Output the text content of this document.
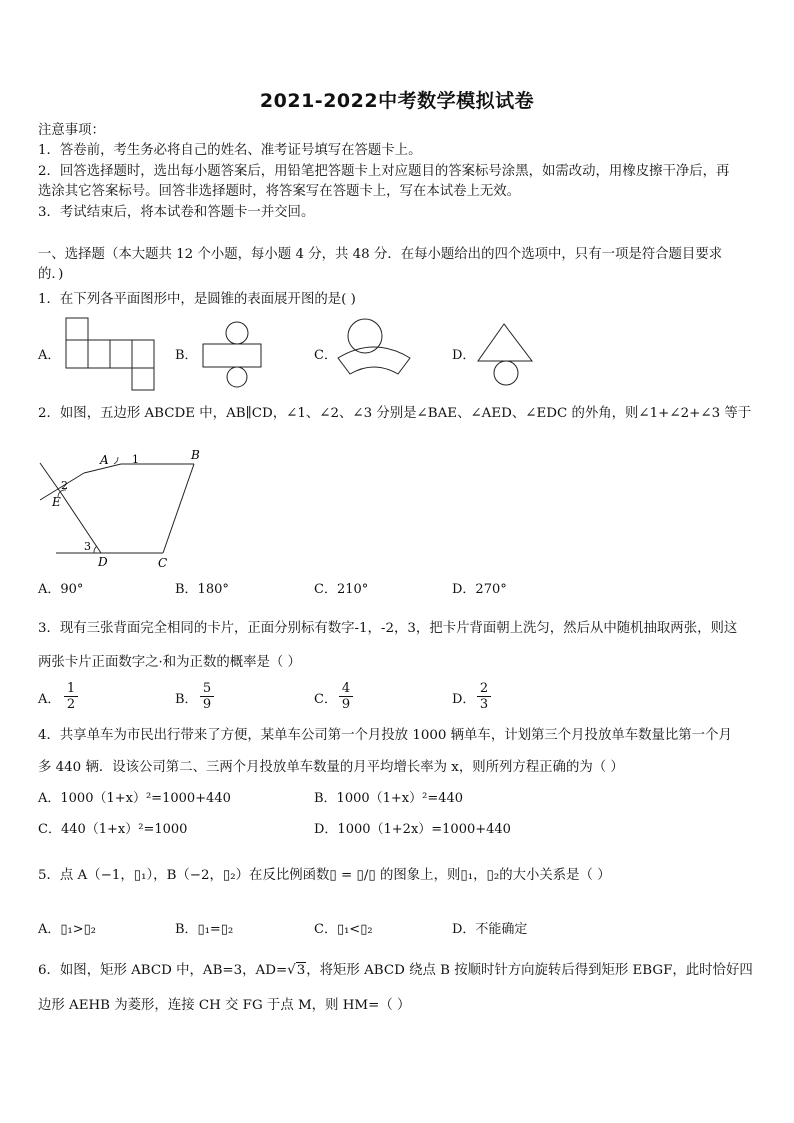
2021-2022中考数学模拟试卷
注意事项：
1．答卷前，考生务必将自己的姓名、准考证号填写在答题卡上。
2．回答选择题时，选出每小题答案后，用铅笔把答题卡上对应题目的答案标号涂黑，如需改动，用橡皮擦干净后，再
选涂其它答案标号。回答非选择题时，将答案写在答题卡上，写在本试卷上无效。
3．考试结束后，将本试卷和答题卡一并交回。
一、选择题（本大题共 12 个小题，每小题 4 分，共 48 分．在每小题给出的四个选项中，只有一项是符合题目要求
的．)
1．在下列各平面图形中，是圆锥的表面展开图的是( )
A．	B．	C．	D．
2．如图，五边形 ABCDE 中，AB∥CD，∠1、∠2、∠3 分别是∠BAE、∠AED、∠EDC 的外角，则∠1+∠2+∠3 等于
A 1	B
2
E
3
D	C
A．90°	B．180°	C．210°	D．270°
3．现有三张背面完全相同的卡片，正面分别标有数字-1，-2，3，把卡片背面朝上洗匀，然后从中随机抽取两张，则这
两张卡片正面数字之·和为正数的概率是（ ）
A． $\frac{1}{2}$	B． $\frac{5}{9}$	C． $\frac{4}{9}$	D． $\frac{2}{3}$
4．共享单车为市民出行带来了方便，某单车公司第一个月投放 1000 辆单车，计划第三个月投放单车数量比第一个月
多 440 辆．设该公司第二、三两个月投放单车数量的月平均增长率为 x，则所列方程正确的为（ ）
A．1000（1+x）²=1000+440	B．1000（1+x）²=440
C．440（1+x）²=1000	D．1000（1+2x）=1000+440
5．点 A（−1，▯₁），B（−2，▯₂）在反比例函数▯ = ▯/▯ 的图象上，则▯₁，▯₂的大小关系是（ ）
A．▯₁>▯₂	B．▯₁=▯₂	C．▯₁<▯₂	D．不能确定
6．如图，矩形 ABCD 中，AB=3，AD=√3，将矩形 ABCD 绕点 B 按顺时针方向旋转后得到矩形 EBGF，此时恰好四
边形 AEHB 为菱形，连接 CH 交 FG 于点 M，则 HM=（ ）
